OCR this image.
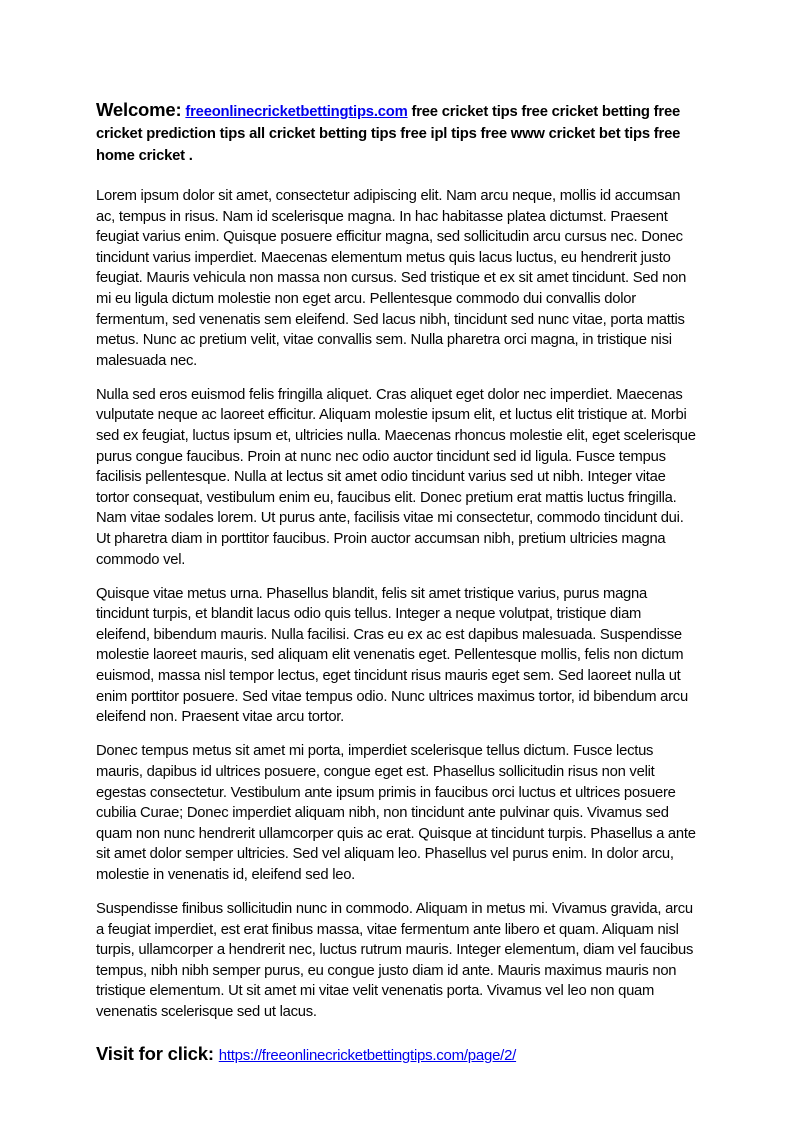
Welcome: freeonlinecricketbettingtips.com free cricket tips free cricket betting free cricket prediction tips all cricket betting tips free ipl tips free www cricket bet tips free home cricket .

Lorem ipsum dolor sit amet, consectetur adipiscing elit. Nam arcu neque, mollis id accumsan ac, tempus in risus. Nam id scelerisque magna. In hac habitasse platea dictumst. Praesent feugiat varius enim. Quisque posuere efficitur magna, sed sollicitudin arcu cursus nec. Donec tincidunt varius imperdiet. Maecenas elementum metus quis lacus luctus, eu hendrerit justo feugiat. Mauris vehicula non massa non cursus. Sed tristique et ex sit amet tincidunt. Sed non mi eu ligula dictum molestie non eget arcu. Pellentesque commodo dui convallis dolor fermentum, sed venenatis sem eleifend. Sed lacus nibh, tincidunt sed nunc vitae, porta mattis metus. Nunc ac pretium velit, vitae convallis sem. Nulla pharetra orci magna, in tristique nisi malesuada nec.

Nulla sed eros euismod felis fringilla aliquet. Cras aliquet eget dolor nec imperdiet. Maecenas vulputate neque ac laoreet efficitur. Aliquam molestie ipsum elit, et luctus elit tristique at. Morbi sed ex feugiat, luctus ipsum et, ultricies nulla. Maecenas rhoncus molestie elit, eget scelerisque purus congue faucibus. Proin at nunc nec odio auctor tincidunt sed id ligula. Fusce tempus facilisis pellentesque. Nulla at lectus sit amet odio tincidunt varius sed ut nibh. Integer vitae tortor consequat, vestibulum enim eu, faucibus elit. Donec pretium erat mattis luctus fringilla. Nam vitae sodales lorem. Ut purus ante, facilisis vitae mi consectetur, commodo tincidunt dui. Ut pharetra diam in porttitor faucibus. Proin auctor accumsan nibh, pretium ultricies magna commodo vel.

Quisque vitae metus urna. Phasellus blandit, felis sit amet tristique varius, purus magna tincidunt turpis, et blandit lacus odio quis tellus. Integer a neque volutpat, tristique diam eleifend, bibendum mauris. Nulla facilisi. Cras eu ex ac est dapibus malesuada. Suspendisse molestie laoreet mauris, sed aliquam elit venenatis eget. Pellentesque mollis, felis non dictum euismod, massa nisl tempor lectus, eget tincidunt risus mauris eget sem. Sed laoreet nulla ut enim porttitor posuere. Sed vitae tempus odio. Nunc ultrices maximus tortor, id bibendum arcu eleifend non. Praesent vitae arcu tortor.

Donec tempus metus sit amet mi porta, imperdiet scelerisque tellus dictum. Fusce lectus mauris, dapibus id ultrices posuere, congue eget est. Phasellus sollicitudin risus non velit egestas consectetur. Vestibulum ante ipsum primis in faucibus orci luctus et ultrices posuere cubilia Curae; Donec imperdiet aliquam nibh, non tincidunt ante pulvinar quis. Vivamus sed quam non nunc hendrerit ullamcorper quis ac erat. Quisque at tincidunt turpis. Phasellus a ante sit amet dolor semper ultricies. Sed vel aliquam leo. Phasellus vel purus enim. In dolor arcu, molestie in venenatis id, eleifend sed leo.

Suspendisse finibus sollicitudin nunc in commodo. Aliquam in metus mi. Vivamus gravida, arcu a feugiat imperdiet, est erat finibus massa, vitae fermentum ante libero et quam. Aliquam nisl turpis, ullamcorper a hendrerit nec, luctus rutrum mauris. Integer elementum, diam vel faucibus tempus, nibh nibh semper purus, eu congue justo diam id ante. Mauris maximus mauris non tristique elementum. Ut sit amet mi vitae velit venenatis porta. Vivamus vel leo non quam venenatis scelerisque sed ut lacus.

Visit for click: https://freeonlinecricketbettingtips.com/page/2/
